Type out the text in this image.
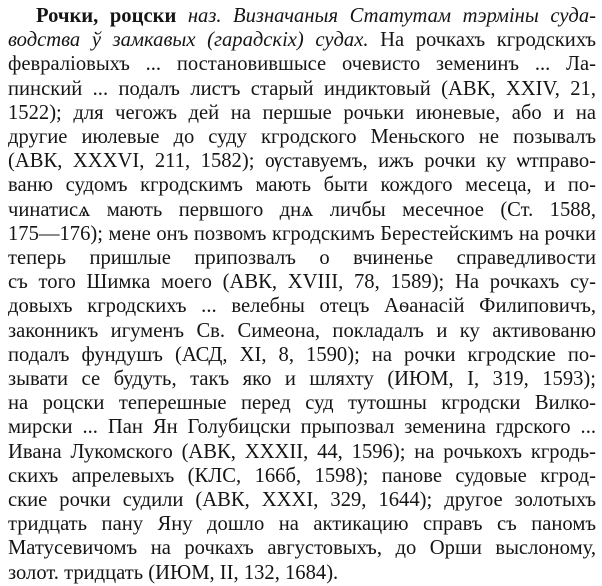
Рочки, роцски наз. Визначаныя Статутам тэрміны суда-
водства ў замкавых (гарадскіх) судах. На рочкахъ кгродскихъ
февраліовыхъ ... постановившысе очевисто земенинъ ... Ла-
пинский ... подалъ листъ старый индиктовый (АВК, XXIV, 21,
1522); для чегожъ дей на першые рочьки июневые, або и на
другие июлевые до суду кгродского Меньского не позывалъ
(АВК, XXXVI, 211, 1582); ѹставуемъ, ижъ рочки ку ѡтправо-
ваню судомъ кгродскимъ мають быти кождого месеца, и по-
чинатисѧ мають первшого днѧ личбы месечное (Ст. 1588,
175—176); мене онъ позвомъ кгродскимъ Берестейскимъ на рочки
теперь пришлые припозвалъ о вчиненье справедливости
съ того Шимка моего (АВК, XVIII, 78, 1589); На рочкахъ су-
довыхъ кгродскихъ ... велебны отецъ Аѳанасій Филиповичъ,
законникъ игуменъ Св. Симеона, покладалъ и ку активованю
подалъ фундушъ (АСД, XI, 8, 1590); на рочки кгродские по-
зывати се будуть, такъ яко и шляхту (ИЮМ, I, 319, 1593);
на роцски теперешные перед суд тутошны кгродски Вилко-
мирски ... Пан Ян Голубицски прыпозвал земенина гдрского ...
Ивана Лукомского (АВК, XXXII, 44, 1596); на рочькохъ кгродь-
скихъ апрелевыхъ (КЛС, 166б, 1598); панове судовые кгрод-
ские рочки судили (АВК, XXXI, 329, 1644); другое золотыхъ
тридцать пану Яну дошло на актикацию справъ съ паномъ
Матусевичомъ на рочкахъ августовыхъ, до Орши выслоному,
золот. тридцать (ИЮМ, II, 132, 1684).
